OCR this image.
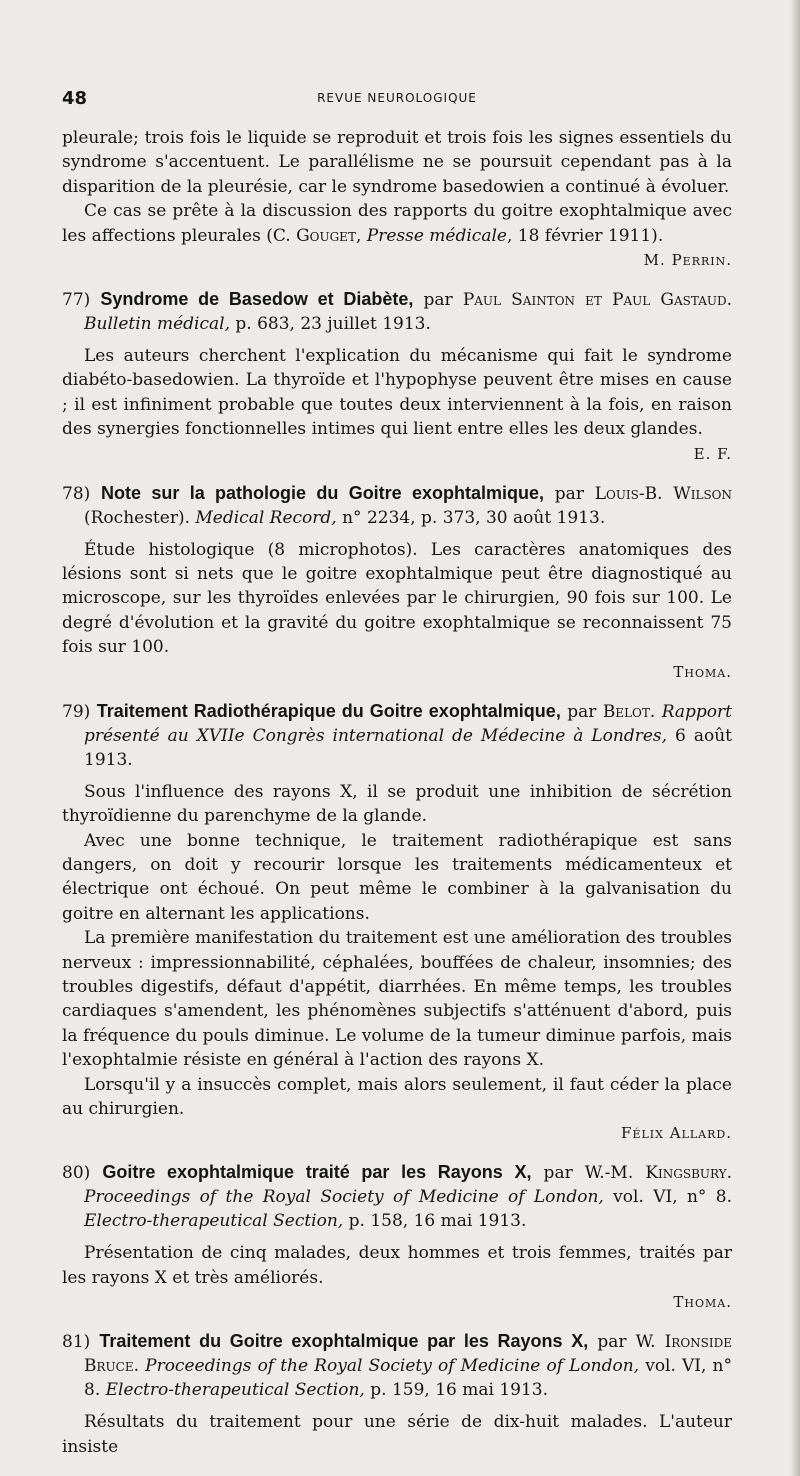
48	REVUE NEUROLOGIQUE

pleurale; trois fois le liquide se reproduit et trois fois les signes essentiels du syndrome s'accentuent. Le parallélisme ne se poursuit cependant pas à la disparition de la pleurésie, car le syndrome basedowien a continué à évoluer.

Ce cas se prête à la discussion des rapports du goitre exophtalmique avec les affections pleurales (C. Gouget, Presse médicale, 18 février 1911).

M. Perrin.
77) Syndrome de Basedow et Diabète, par Paul Sainton et Paul Gastaud. Bulletin médical, p. 683, 23 juillet 1913.

Les auteurs cherchent l'explication du mécanisme qui fait le syndrome diabéto-basedowien. La thyroïde et l'hypophyse peuvent être mises en cause ; il est infiniment probable que toutes deux interviennent à la fois, en raison des synergies fonctionnelles intimes qui lient entre elles les deux glandes.

E. F.
78) Note sur la pathologie du Goitre exophtalmique, par Louis-B. Wilson (Rochester). Medical Record, n° 2234, p. 373, 30 août 1913.

Étude histologique (8 microphotos). Les caractères anatomiques des lésions sont si nets que le goitre exophtalmique peut être diagnostiqué au microscope, sur les thyroïdes enlevées par le chirurgien, 90 fois sur 100. Le degré d'évolution et la gravité du goitre exophtalmique se reconnaissent 75 fois sur 100.

Thoma.
79) Traitement Radiothérapique du Goitre exophtalmique, par Belot. Rapport présenté au XVIIe Congrès international de Médecine à Londres, 6 août 1913.

Sous l'influence des rayons X, il se produit une inhibition de sécrétion thyroïdienne du parenchyme de la glande.

Avec une bonne technique, le traitement radiothérapique est sans dangers, on doit y recourir lorsque les traitements médicamenteux et électrique ont échoué. On peut même le combiner à la galvanisation du goitre en alternant les applications.

La première manifestation du traitement est une amélioration des troubles nerveux : impressionnabilité, céphalées, bouffées de chaleur, insomnies; des troubles digestifs, défaut d'appétit, diarrhées. En même temps, les troubles cardiaques s'amendent, les phénomènes subjectifs s'atténuent d'abord, puis la fréquence du pouls diminue. Le volume de la tumeur diminue parfois, mais l'exophtalmie résiste en général à l'action des rayons X.

Lorsqu'il y a insuccès complet, mais alors seulement, il faut céder la place au chirurgien.

Félix Allard.
80) Goitre exophtalmique traité par les Rayons X, par W.-M. Kingsbury. Proceedings of the Royal Society of Medicine of London, vol. VI, n° 8. Electro-therapeutical Section, p. 158, 16 mai 1913.

Présentation de cinq malades, deux hommes et trois femmes, traités par les rayons X et très améliorés.

Thoma.
81) Traitement du Goitre exophtalmique par les Rayons X, par W. Ironside Bruce. Proceedings of the Royal Society of Medicine of London, vol. VI, n° 8. Electro-therapeutical Section, p. 159, 16 mai 1913.

Résultats du traitement pour une série de dix-huit malades. L'auteur insiste
